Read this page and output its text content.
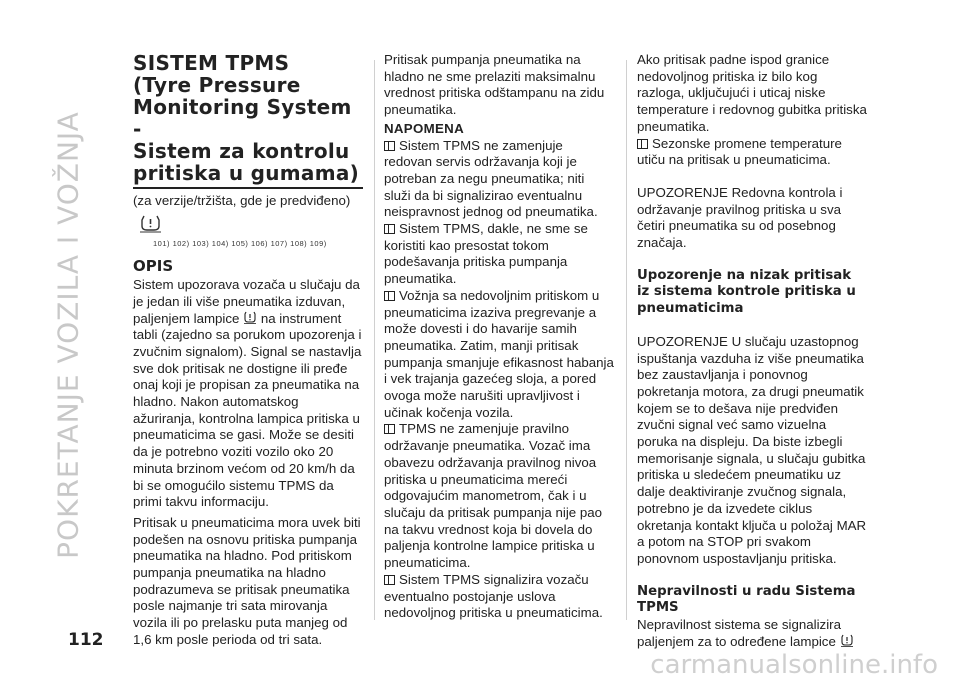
POKRETANJE VOZILA I VOŽNJA
112
carmanualsonline.info
SISTEM TPMS
(Tyre Pressure
Monitoring System -
Sistem za kontrolu
pritiska u gumama)

(za verzije/tržišta, gde je predviđeno)

101) 102) 103) 104) 105) 106) 107) 108) 109)
OPIS

Sistem upozorava vozača u slučaju da je jedan ili više pneumatika izduvan, paljenjem lampice  na instrument tabli (zajedno sa porukom upozorenja i zvučnim signalom). Signal se nastavlja sve dok pritisak ne dostigne ili pređe onaj koji je propisan za pneumatika na hladno. Nakon automatskog ažuriranja, kontrolna lampica pritiska u pneumaticima se gasi. Može se desiti da je potrebno voziti vozilo oko 20 minuta brzinom većom od 20 km/h da bi se omogućilo sistemu TPMS da primi takvu informaciju.

Pritisak u pneumaticima mora uvek biti podešen na osnovu pritiska pumpanja pneumatika na hladno. Pod pritiskom pumpanja pneumatika na hladno podrazumeva se pritisak pneumatika posle najmanje tri sata mirovanja vozila ili po prelasku puta manjeg od 1,6 km posle perioda od tri sata.

Pritisak pumpanja pneumatika na hladno ne sme prelaziti maksimalnu vrednost pritiska odštampanu na zidu pneumatika.

NAPOMENA
Sistem TPMS ne zamenjuje redovan servis održavanja koji je potreban za negu pneumatika; niti služi da bi signalizirao eventualnu neispravnost jednog od pneumatika.
Sistem TPMS, dakle, ne sme se koristiti kao presostat tokom podešavanja pritiska pumpanja pneumatika.
Vožnja sa nedovoljnim pritiskom u pneumaticima izaziva pregrevanje a može dovesti i do havarije samih pneumatika. Zatim, manji pritisak pumpanja smanjuje efikasnost habanja i vek trajanja gazećeg sloja, a pored ovoga može narušiti upravljivost i učinak kočenja vozila.
TPMS ne zamenjuje pravilno održavanje pneumatika. Vozač ima obavezu održavanja pravilnog nivoa pritiska u pneumaticima mereći odgovajućim manometrom, čak i u slučaju da pritisak pumpanja nije pao na takvu vrednost koja bi dovela do paljenja kontrolne lampice pritiska u pneumaticima.
Sistem TPMS signalizira vozaču eventualno postojanje uslova nedovoljnog pritiska u pneumaticima.

Ako pritisak padne ispod granice nedovoljnog pritiska iz bilo kog razloga, uključujući i uticaj niske temperature i redovnog gubitka pritiska pneumatika.

Sezonske promene temperature utiču na pritisak u pneumaticima.

UPOZORENJE Redovna kontrola i održavanje pravilnog pritiska u sva četiri pneumatika su od posebnog značaja.

Upozorenje na nizak pritisak iz sistema kontrole pritiska u pneumaticima

UPOZORENJE U slučaju uzastopnog ispuštanja vazduha iz više pneumatika bez zaustavljanja i ponovnog pokretanja motora, za drugi pneumatik kojem se to dešava nije predviđen zvučni signal već samo vizuelna poruka na displeju. Da biste izbegli memorisanje signala, u slučaju gubitka pritiska u sledećem pneumatiku uz dalje deaktiviranje zvučnog signala, potrebno je da izvedete ciklus okretanja kontakt ključa u položaj MAR a potom na STOP pri svakom ponovnom uspostavljanju pritiska.

Nepravilnosti u radu Sistema TPMS

Nepravilnost sistema se signalizira paljenjem za to određene lampice
